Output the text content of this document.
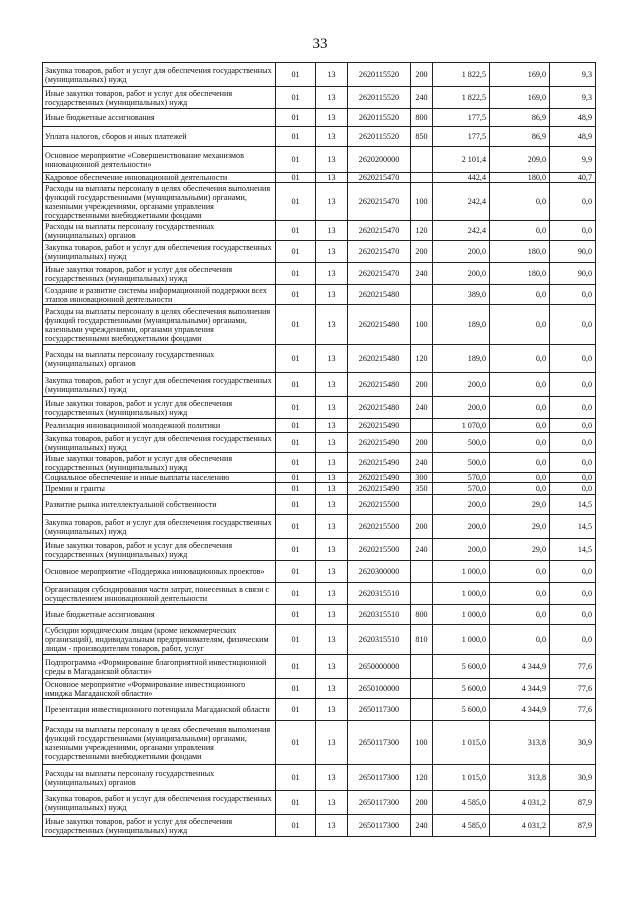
33
Закупка товаров, работ и услуг для обеспечения государственных (муниципальных) нужд	01	13	2620115520	200	1 822,5	169,0	9,3
Иные закупки товаров, работ и услуг для обеспечения государственных (муниципальных) нужд	01	13	2620115520	240	1 822,5	169,0	9,3
Иные бюджетные ассигнования	01	13	2620115520	800	177,5	86,9	48,9
Уплата налогов, сборов и иных платежей	01	13	2620115520	850	177,5	86,9	48,9
Основное мероприятие «Совершенствование механизмов инновационной деятельности»	01	13	2620200000		2 101,4	209,0	9,9
Кадровое обеспечение инновационной деятельности	01	13	2620215470		442,4	180,0	40,7
Расходы на выплаты персоналу в целях обеспечения выполнения функций государственными (муниципальными) органами, казенными учреждениями, органами управления государственными внебюджетными фондами	01	13	2620215470	100	242,4	0,0	0,0
Расходы на выплаты персоналу государственных (муниципальных) органов	01	13	2620215470	120	242,4	0,0	0,0
Закупка товаров, работ и услуг для обеспечения государственных (муниципальных) нужд	01	13	2620215470	200	200,0	180,0	90,0
Иные закупки товаров, работ и услуг для обеспечения государственных (муниципальных) нужд	01	13	2620215470	240	200,0	180,0	90,0
Создание и развитие системы информационной поддержки всех этапов инновационной деятельности	01	13	2620215480		389,0	0,0	0,0
Расходы на выплаты персоналу в целях обеспечения выполнения функций государственными (муниципальными) органами, казенными учреждениями, органами управления государственными внебюджетными фондами	01	13	2620215480	100	189,0	0,0	0,0
Расходы на выплаты персоналу государственных (муниципальных) органов	01	13	2620215480	120	189,0	0,0	0,0
Закупка товаров, работ и услуг для обеспечения государственных (муниципальных) нужд	01	13	2620215480	200	200,0	0,0	0,0
Иные закупки товаров, работ и услуг для обеспечения государственных (муниципальных) нужд	01	13	2620215480	240	200,0	0,0	0,0
Реализация инновационной молодежной политики	01	13	2620215490		1 070,0	0,0	0,0
Закупка товаров, работ и услуг для обеспечения государственных (муниципальных) нужд	01	13	2620215490	200	500,0	0,0	0,0
Иные закупки товаров, работ и услуг для обеспечения государственных (муниципальных) нужд	01	13	2620215490	240	500,0	0,0	0,0
Социальное обеспечение и иные выплаты населению	01	13	2620215490	300	570,0	0,0	0,0
Премии и гранты	01	13	2620215490	350	570,0	0,0	0,0
Развитие рынка интеллектуальной собственности	01	13	2620215500		200,0	29,0	14,5
Закупка товаров, работ и услуг для обеспечения государственных (муниципальных) нужд	01	13	2620215500	200	200,0	29,0	14,5
Иные закупки товаров, работ и услуг для обеспечения государственных (муниципальных) нужд	01	13	2620215500	240	200,0	29,0	14,5
Основное мероприятие «Поддержка инновационных проектов»	01	13	2620300000		1 000,0	0,0	0,0
Организация субсидирования части затрат, понесенных в связи с осуществлением инновационной деятельности	01	13	2620315510		1 000,0	0,0	0,0
Иные бюджетные ассигнования	01	13	2620315510	800	1 000,0	0,0	0,0
Субсидии юридическим лицам (кроме некоммерческих организаций), индивидуальным предпринимателям, физическим лицам - производителям товаров, работ, услуг	01	13	2620315510	810	1 000,0	0,0	0,0
Подпрограмма «Формирование благоприятной инвестиционной среды в Магаданской области»	01	13	2650000000		5 600,0	4 344,9	77,6
Основное мероприятие «Формирование инвестиционного имиджа Магаданской области»	01	13	2650100000		5 600,0	4 344,9	77,6
Презентация инвестиционного потенциала Магаданской области	01	13	2650117300		5 600,0	4 344,9	77,6
Расходы на выплаты персоналу в целях обеспечения выполнения функций государственными (муниципальными) органами, казенными учреждениями, органами управления государственными внебюджетными фондами	01	13	2650117300	100	1 015,0	313,8	30,9
Расходы на выплаты персоналу государственных (муниципальных) органов	01	13	2650117300	120	1 015,0	313,8	30,9
Закупка товаров, работ и услуг для обеспечения государственных (муниципальных) нужд	01	13	2650117300	200	4 585,0	4 031,2	87,9
Иные закупки товаров, работ и услуг для обеспечения государственных (муниципальных) нужд	01	13	2650117300	240	4 585,0	4 031,2	87,9
